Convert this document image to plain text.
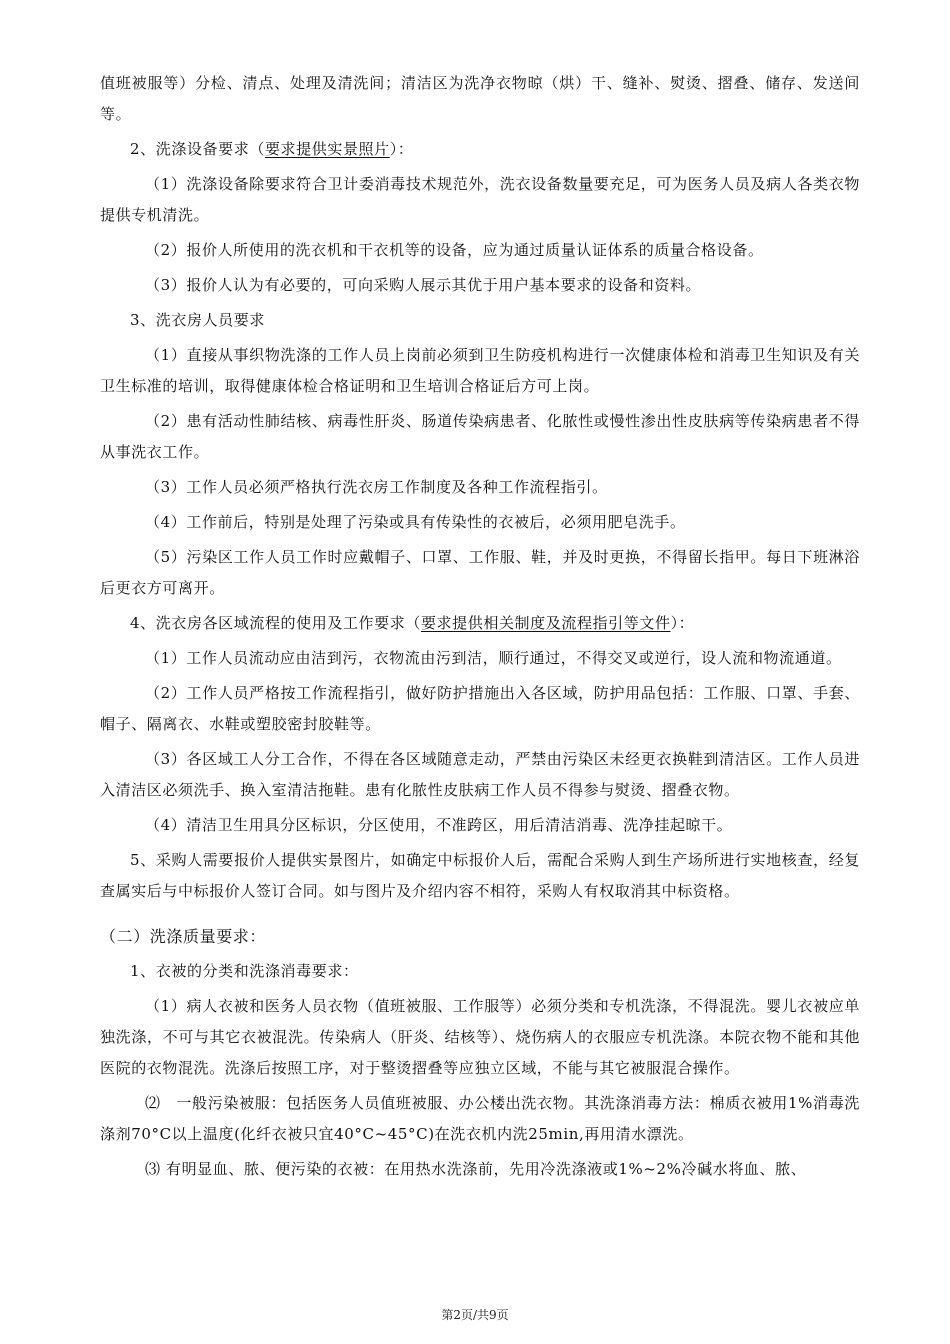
值班被服等）分检、清点、处理及清洗间；清洁区为洗净衣物晾（烘）干、缝补、熨烫、摺叠、储存、发送间等。

2、洗涤设备要求（要求提供实景照片）：

（1）洗涤设备除要求符合卫计委消毒技术规范外，洗衣设备数量要充足，可为医务人员及病人各类衣物提供专机清洗。

（2）报价人所使用的洗衣机和干衣机等的设备，应为通过质量认证体系的质量合格设备。

（3）报价人认为有必要的，可向采购人展示其优于用户基本要求的设备和资料。

3、洗衣房人员要求

（1）直接从事织物洗涤的工作人员上岗前必须到卫生防疫机构进行一次健康体检和消毒卫生知识及有关卫生标准的培训，取得健康体检合格证明和卫生培训合格证后方可上岗。

（2）患有活动性肺结核、病毒性肝炎、肠道传染病患者、化脓性或慢性渗出性皮肤病等传染病患者不得从事洗衣工作。

（3）工作人员必须严格执行洗衣房工作制度及各种工作流程指引。

（4）工作前后，特别是处理了污染或具有传染性的衣被后，必须用肥皂洗手。

（5）污染区工作人员工作时应戴帽子、口罩、工作服、鞋，并及时更换，不得留长指甲。每日下班淋浴后更衣方可离开。

4、洗衣房各区域流程的使用及工作要求（要求提供相关制度及流程指引等文件）：

（1）工作人员流动应由洁到污，衣物流由污到洁，顺行通过，不得交叉或逆行，设人流和物流通道。

（2）工作人员严格按工作流程指引，做好防护措施出入各区域，防护用品包括：工作服、口罩、手套、帽子、隔离衣、水鞋或塑胶密封胶鞋等。

（3）各区域工人分工合作，不得在各区域随意走动，严禁由污染区未经更衣换鞋到清洁区。工作人员进入清洁区必须洗手、换入室清洁拖鞋。患有化脓性皮肤病工作人员不得参与熨烫、摺叠衣物。

（4）清洁卫生用具分区标识，分区使用，不准跨区，用后清洁消毒、洗净挂起晾干。

5、采购人需要报价人提供实景图片，如确定中标报价人后，需配合采购人到生产场所进行实地核查，经复查属实后与中标报价人签订合同。如与图片及介绍内容不相符，采购人有权取消其中标资格。

（二）洗涤质量要求：

1、衣被的分类和洗涤消毒要求：

（1）病人衣被和医务人员衣物（值班被服、工作服等）必须分类和专机洗涤，不得混洗。婴儿衣被应单独洗涤，不可与其它衣被混洗。传染病人（肝炎、结核等）、烧伤病人的衣服应专机洗涤。本院衣物不能和其他医院的衣物混洗。洗涤后按照工序，对于整烫摺叠等应独立区域，不能与其它被服混合操作。

⑵　一般污染被服：包括医务人员值班被服、办公楼出洗衣物。其洗涤消毒方法：棉质衣被用1%消毒洗涤剂70°C以上温度(化纤衣被只宜40°C~45°C)在洗衣机内洗25min,再用清水漂洗。

⑶ 有明显血、脓、便污染的衣被：在用热水洗涤前，先用冷洗涤液或1%~2%冷碱水将血、脓、

第2页/共9页
